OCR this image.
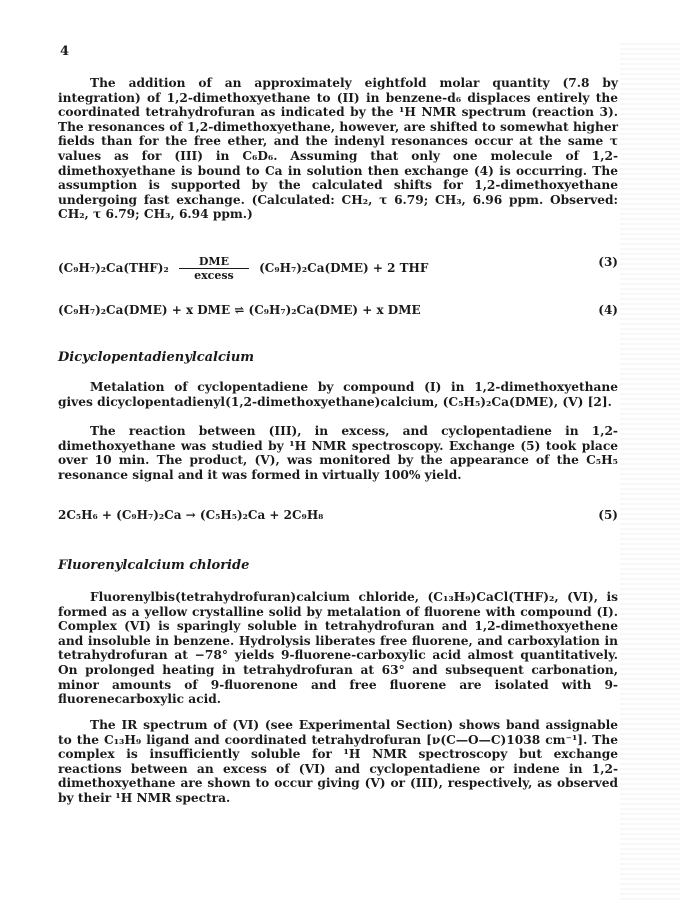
4

The addition of an approximately eightfold molar quantity (7.8 by integration) of 1,2-dimethoxyethane to (II) in benzene-d₆ displaces entirely the coordinated tetrahydrofuran as indicated by the ¹H NMR spectrum (reaction 3). The resonances of 1,2-dimethoxyethane, however, are shifted to somewhat higher fields than for the free ether, and the indenyl resonances occur at the same τ values as for (III) in C₆D₆. Assuming that only one molecule of 1,2-dimethoxyethane is bound to Ca in solution then exchange (4) is occurring. The assumption is supported by the calculated shifts for 1,2-dimethoxyethane undergoing fast exchange. (Calculated: CH₂, τ 6.79; CH₃, 6.96 ppm. Observed: CH₂, τ 6.79; CH₃, 6.94 ppm.)

$(C_9H_7)_2Ca(THF)_2 \frac{\text{DME}}{\text{excess}} (C_9H_7)_2Ca(DME) + 2$ THF	(3)
(C₉H₇)₂Ca(DME) + x DME ⇌ (C₉H₇)₂Ca(DME) + x DME	(4)
Dicyclopentadienylcalcium

Metalation of cyclopentadiene by compound (I) in 1,2-dimethoxyethane gives dicyclopentadienyl(1,2-dimethoxyethane)calcium, (C₅H₅)₂Ca(DME), (V) [2].

The reaction between (III), in excess, and cyclopentadiene in 1,2-dimethoxyethane was studied by ¹H NMR spectroscopy. Exchange (5) took place over 10 min. The product, (V), was monitored by the appearance of the C₅H₅ resonance signal and it was formed in virtually 100% yield.

2C₅H₆ + (C₉H₇)₂Ca → (C₅H₅)₂Ca + 2C₉H₈	(5)
Fluorenylcalcium chloride

Fluorenylbis(tetrahydrofuran)calcium chloride, (C₁₃H₉)CaCl(THF)₂, (VI), is formed as a yellow crystalline solid by metalation of fluorene with compound (I). Complex (VI) is sparingly soluble in tetrahydrofuran and 1,2-dimethoxyethene and insoluble in benzene. Hydrolysis liberates free fluorene, and carboxylation in tetrahydrofuran at −78° yields 9-fluorene-carboxylic acid almost quantitatively. On prolonged heating in tetrahydrofuran at 63° and subsequent carbonation, minor amounts of 9-fluorenone and free fluorene are isolated with 9-fluorenecarboxylic acid.

The IR spectrum of (VI) (see Experimental Section) shows band assignable to the C₁₃H₉ ligand and coordinated tetrahydrofuran [ν(C—O—C)1038 cm⁻¹]. The complex is insufficiently soluble for ¹H NMR spectroscopy but exchange reactions between an excess of (VI) and cyclopentadiene or indene in 1,2-dimethoxyethane are shown to occur giving (V) or (III), respectively, as observed by their ¹H NMR spectra.
